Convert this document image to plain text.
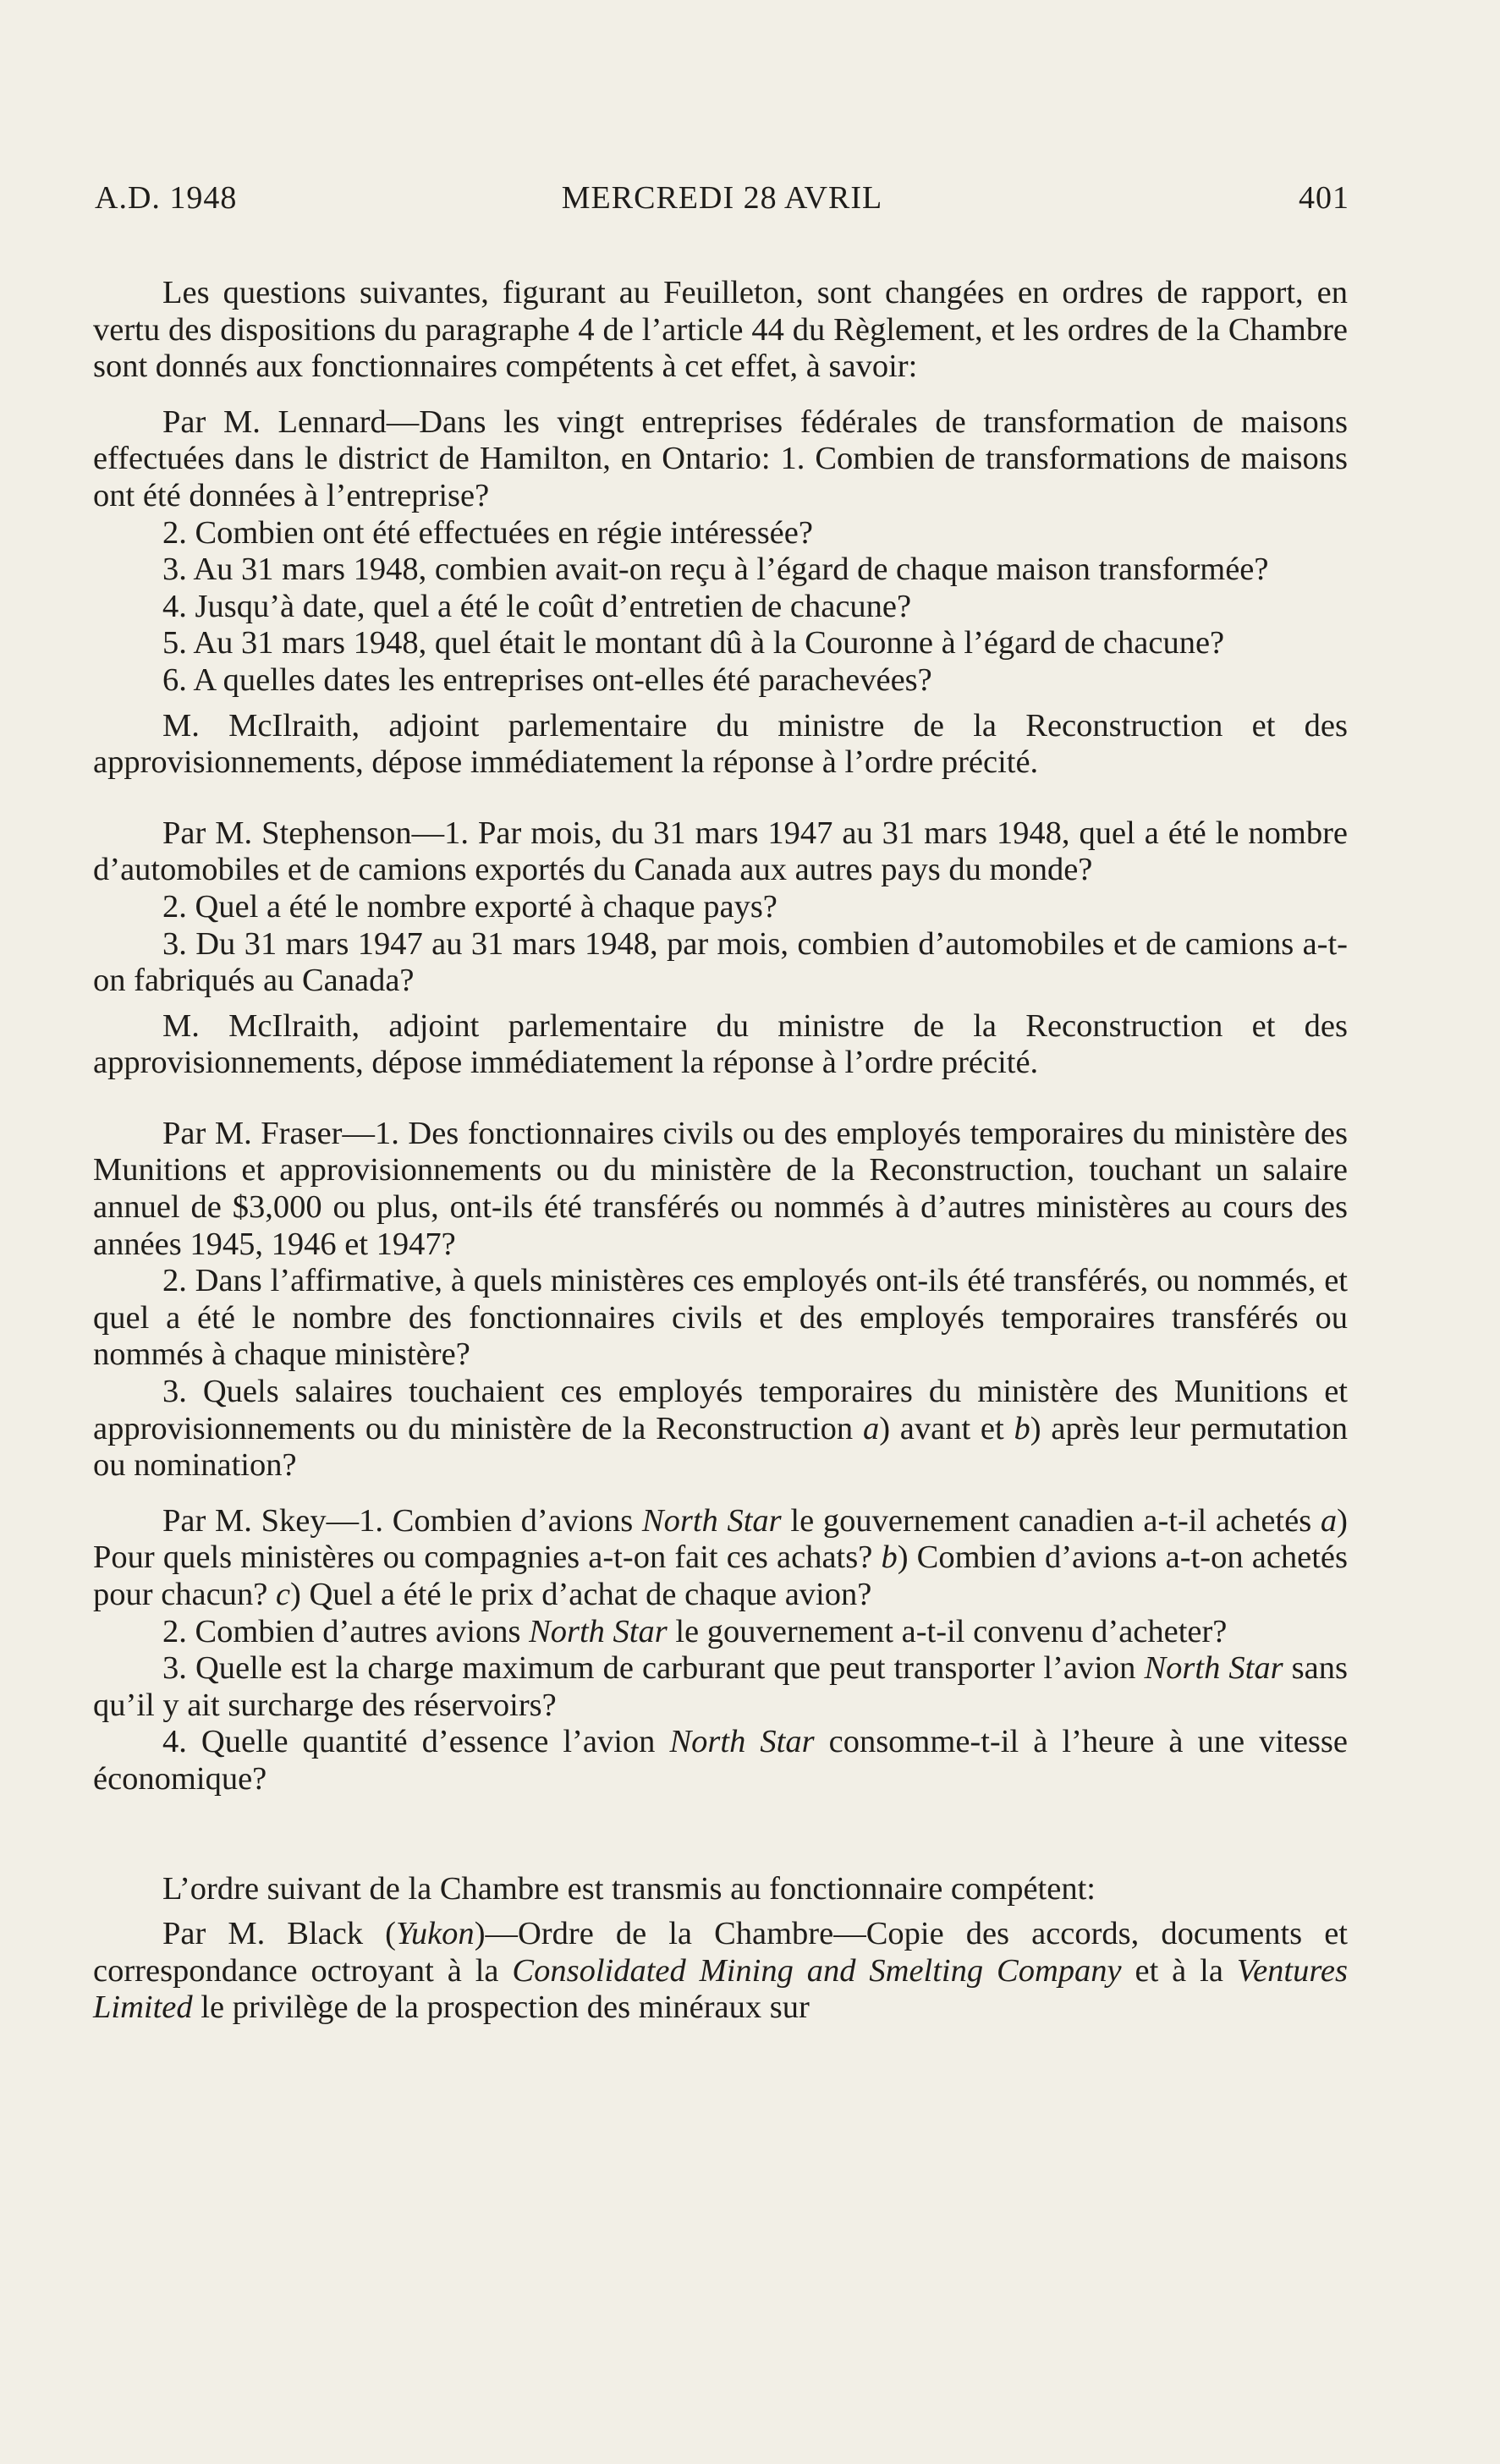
A.D. 1948	MERCREDI 28 AVRIL	401

Les questions suivantes, figurant au Feuilleton, sont changées en ordres de rapport, en vertu des dispositions du paragraphe 4 de l’article 44 du Règlement, et les ordres de la Chambre sont donnés aux fonctionnaires compétents à cet effet, à savoir:

Par M. Lennard—Dans les vingt entreprises fédérales de transformation de maisons effectuées dans le district de Hamilton, en Ontario: 1. Combien de transformations de maisons ont été données à l’entreprise?

2. Combien ont été effectuées en régie intéressée?

3. Au 31 mars 1948, combien avait-on reçu à l’égard de chaque maison transformée?

4. Jusqu’à date, quel a été le coût d’entretien de chacune?

5. Au 31 mars 1948, quel était le montant dû à la Couronne à l’égard de chacune?

6. A quelles dates les entreprises ont-elles été parachevées?

M. McIlraith, adjoint parlementaire du ministre de la Reconstruction et des approvisionnements, dépose immédiatement la réponse à l’ordre précité.

Par M. Stephenson—1. Par mois, du 31 mars 1947 au 31 mars 1948, quel a été le nombre d’automobiles et de camions exportés du Canada aux autres pays du monde?

2. Quel a été le nombre exporté à chaque pays?

3. Du 31 mars 1947 au 31 mars 1948, par mois, combien d’automobiles et de camions a-t-on fabriqués au Canada?

M. McIlraith, adjoint parlementaire du ministre de la Reconstruction et des approvisionnements, dépose immédiatement la réponse à l’ordre précité.

Par M. Fraser—1. Des fonctionnaires civils ou des employés temporaires du ministère des Munitions et approvisionnements ou du ministère de la Reconstruction, touchant un salaire annuel de $3,000 ou plus, ont-ils été transférés ou nommés à d’autres ministères au cours des années 1945, 1946 et 1947?

2. Dans l’affirmative, à quels ministères ces employés ont-ils été transférés, ou nommés, et quel a été le nombre des fonctionnaires civils et des employés temporaires transférés ou nommés à chaque ministère?

3. Quels salaires touchaient ces employés temporaires du ministère des Munitions et approvisionnements ou du ministère de la Reconstruction a) avant et b) après leur permutation ou nomination?

Par M. Skey—1. Combien d’avions North Star le gouvernement canadien a-t-il achetés a) Pour quels ministères ou compagnies a-t-on fait ces achats? b) Combien d’avions a-t-on achetés pour chacun? c) Quel a été le prix d’achat de chaque avion?

2. Combien d’autres avions North Star le gouvernement a-t-il convenu d’acheter?

3. Quelle est la charge maximum de carburant que peut transporter l’avion North Star sans qu’il y ait surcharge des réservoirs?

4. Quelle quantité d’essence l’avion North Star consomme-t-il à l’heure à une vitesse économique?

L’ordre suivant de la Chambre est transmis au fonctionnaire compétent:

Par M. Black (Yukon)—Ordre de la Chambre—Copie des accords, documents et correspondance octroyant à la Consolidated Mining and Smelting Company et à la Ventures Limited le privilège de la prospection des minéraux sur
